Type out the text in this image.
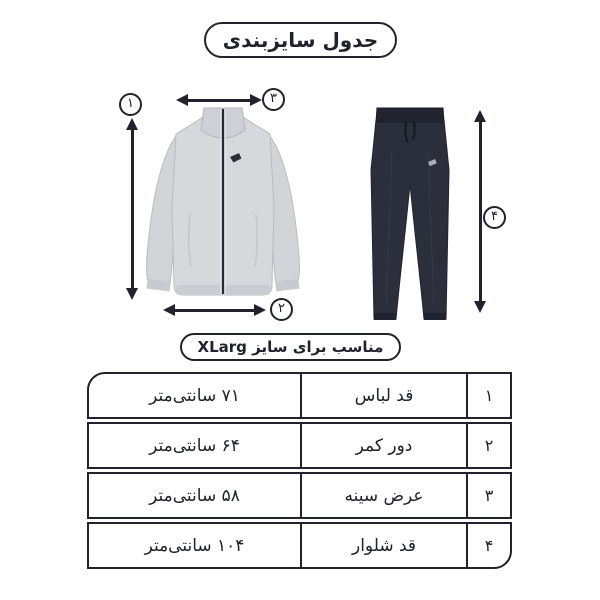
جدول سایزبندی
۱	۳
۲
۴
مناسب برای سایز XLarg
۱
قد لباس
۷۱ سانتی‌متر
۲
دور کمر
۶۴ سانتی‌متر
۳
عرض سینه
۵۸ سانتی‌متر
۴
قد شلوار
۱۰۴ سانتی‌متر
